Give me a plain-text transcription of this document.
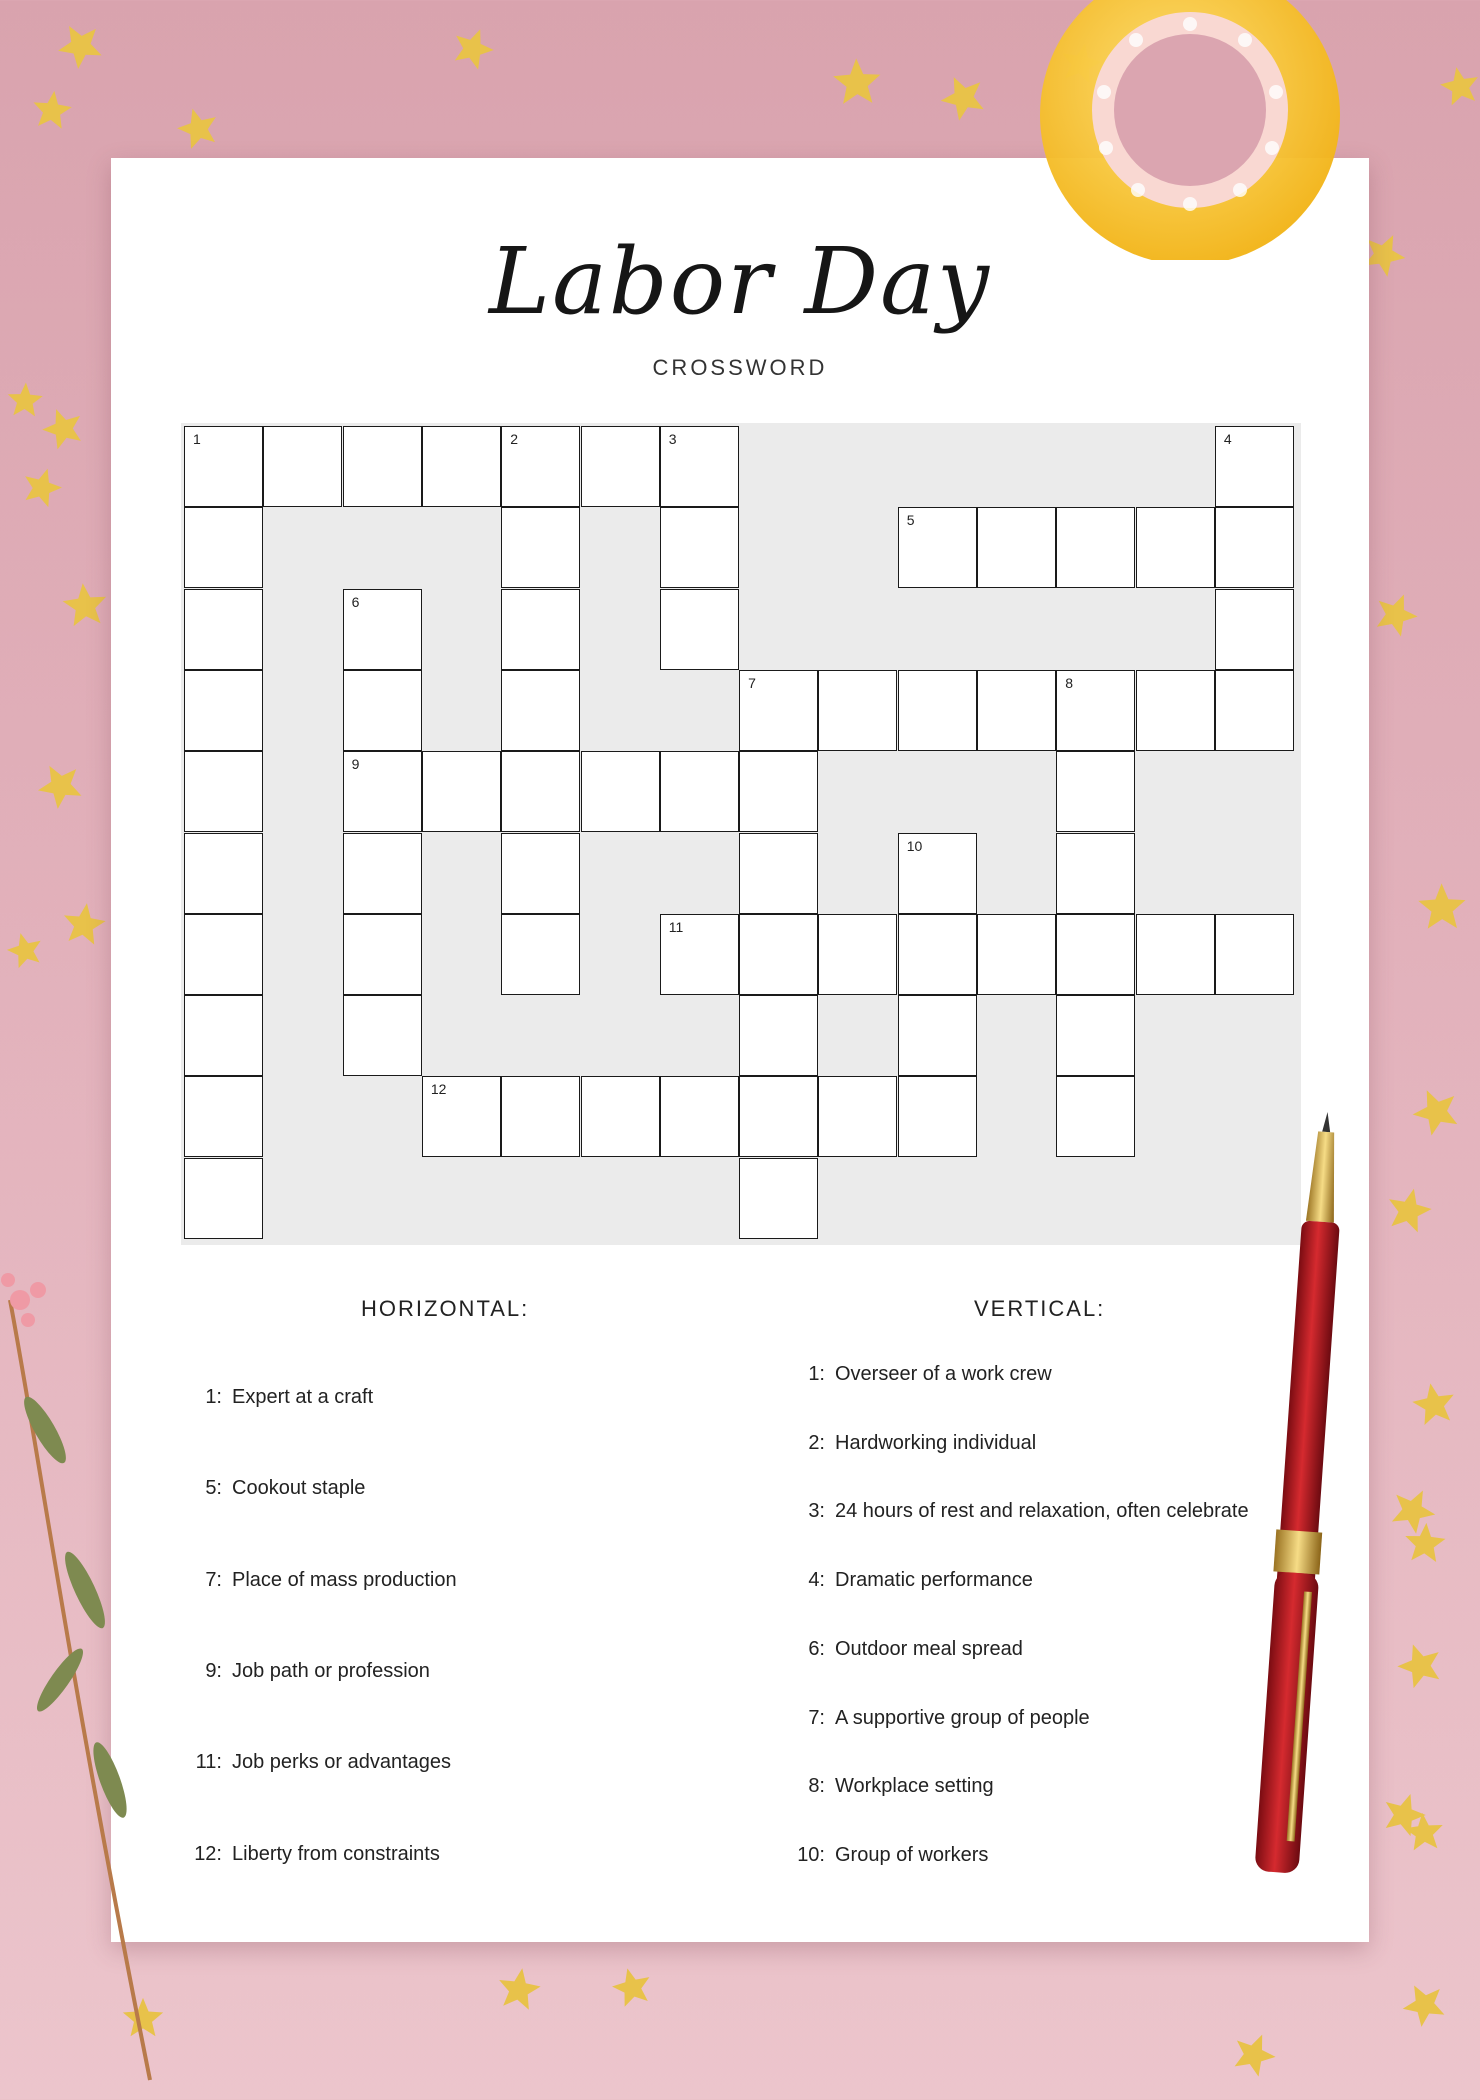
Labor Day
CROSSWORD
1	2	3	4
5
6
7	8
9
10
11
12
HORIZONTAL:	VERTICAL:
1: Expert at a craft
5: Cookout staple
7: Place of mass production
9: Job path or profession
11: Job perks or advantages
12: Liberty from constraints
1: Overseer of a work crew
2: Hardworking individual
3: 24 hours of rest and relaxation, often celebrate
4: Dramatic performance
6: Outdoor meal spread
7: A supportive group of people
8: Workplace setting
10: Group of workers
